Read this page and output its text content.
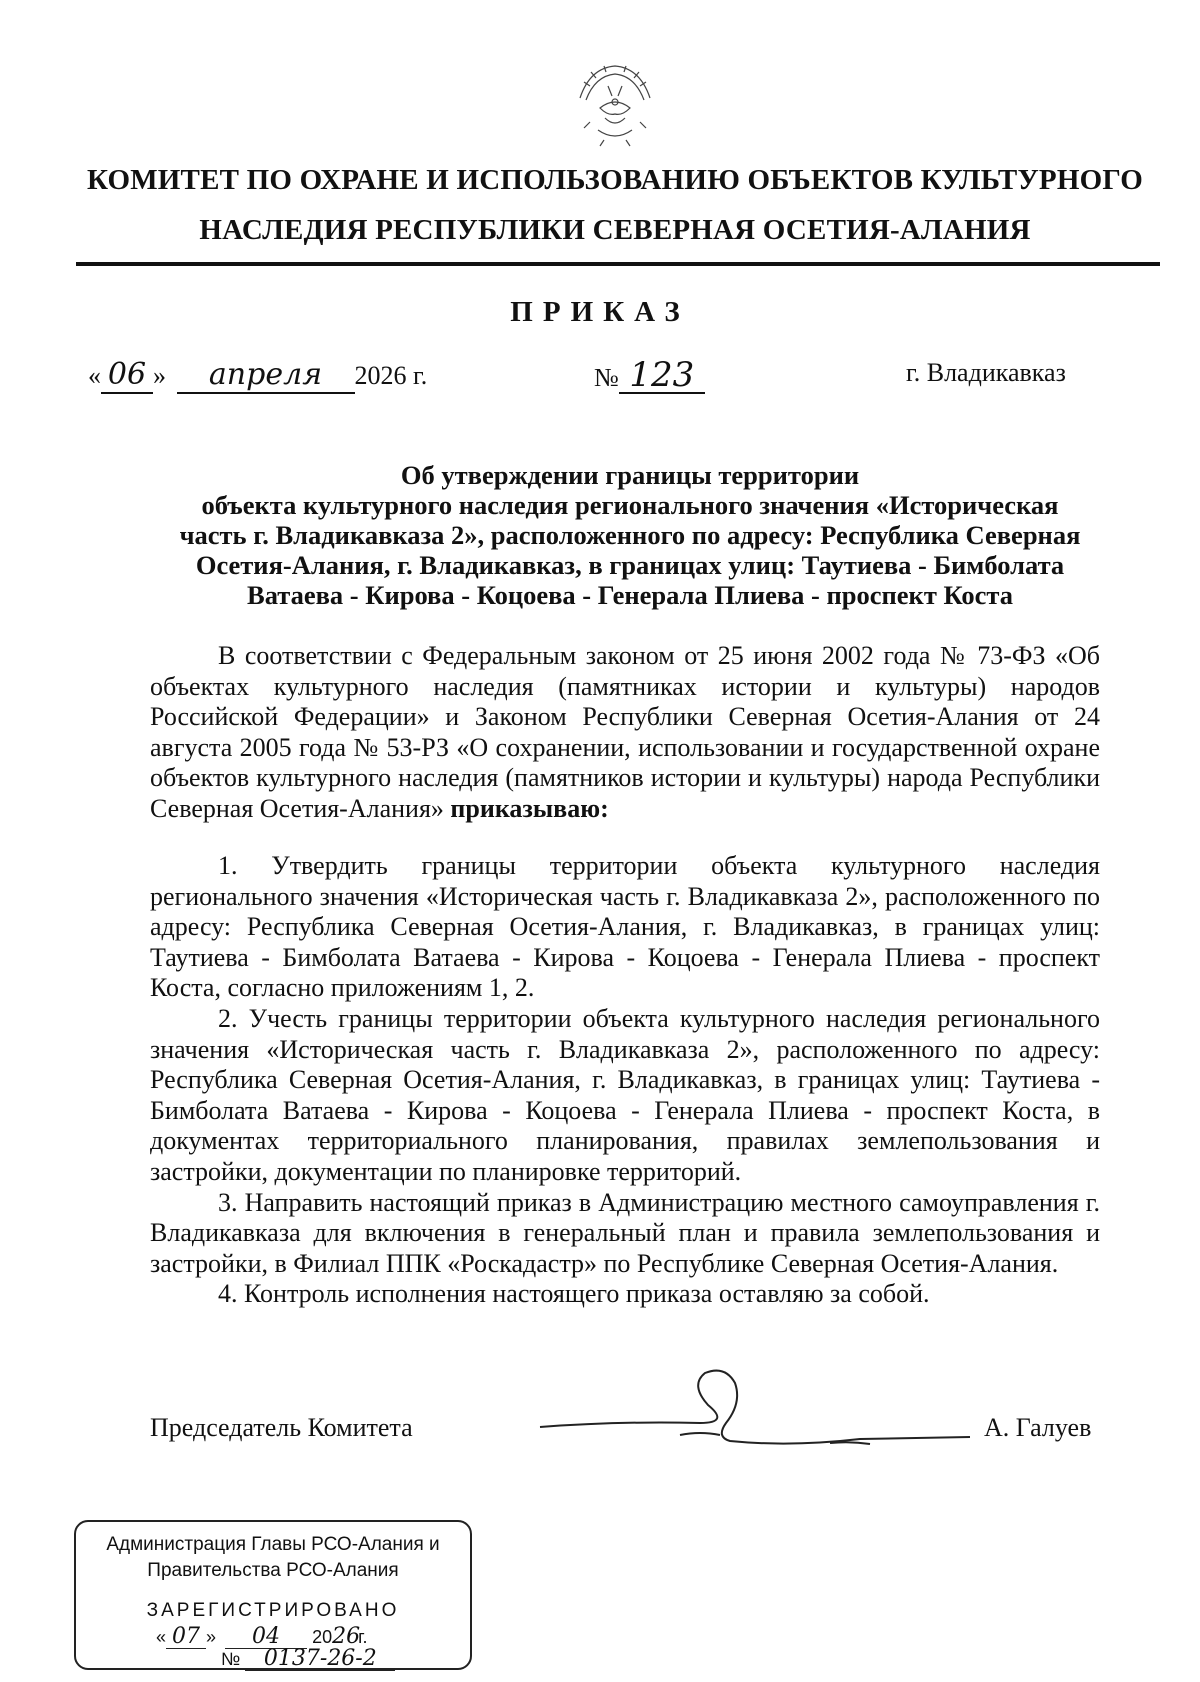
КОМИТЕТ ПО ОХРАНЕ И ИСПОЛЬЗОВАНИЮ ОБЪЕКТОВ КУЛЬТУРНОГО
НАСЛЕДИЯ РЕСПУБЛИКИ СЕВЕРНАЯ ОСЕТИЯ-АЛАНИЯ
ПРИКАЗ
« 06 » апреля 2026 г.	№ 123	г. Владикавказ
Об утверждении границы территории
объекта культурного наследия регионального значения «Историческая
часть г. Владикавказа 2», расположенного по адресу: Республика Северная
Осетия-Алания, г. Владикавказ, в границах улиц: Таутиева - Бимболата
Ватаева - Кирова - Коцоева - Генерала Плиева - проспект Коста

В соответствии с Федеральным законом от 25 июня 2002 года № 73-ФЗ «Об объектах культурного наследия (памятниках истории и культуры) народов Российской Федерации» и Законом Республики Северная Осетия-Алания от 24 августа 2005 года № 53-РЗ «О сохранении, использовании и государственной охране объектов культурного наследия (памятников истории и культуры) народа Республики Северная Осетия-Алания» приказываю:

1. Утвердить границы территории объекта культурного наследия регионального значения «Историческая часть г. Владикавказа 2», расположенного по адресу: Республика Северная Осетия-Алания, г. Владикавказ, в границах улиц: Таутиева - Бимболата Ватаева - Кирова - Коцоева - Генерала Плиева - проспект Коста, согласно приложениям 1, 2.

2. Учесть границы территории объекта культурного наследия регионального значения «Историческая часть г. Владикавказа 2», расположенного по адресу: Республика Северная Осетия-Алания, г. Владикавказ, в границах улиц: Таутиева - Бимболата Ватаева - Кирова - Коцоева - Генерала Плиева - проспект Коста, в документах территориального планирования, правилах землепользования и застройки, документации по планировке территорий.

3. Направить настоящий приказ в Администрацию местного самоуправления г. Владикавказа для включения в генеральный план и правила землепользования и застройки, в Филиал ППК «Роскадастр» по Республике Северная Осетия-Алания.

4. Контроль исполнения настоящего приказа оставляю за собой.

Председатель Комитета	А. Галуев
Администрация Главы РСО-Алания и
Правительства РСО-Алания
ЗАРЕГИСТРИРОВАНО
« 07 » 04 2026г.
№ 0137-26-2
